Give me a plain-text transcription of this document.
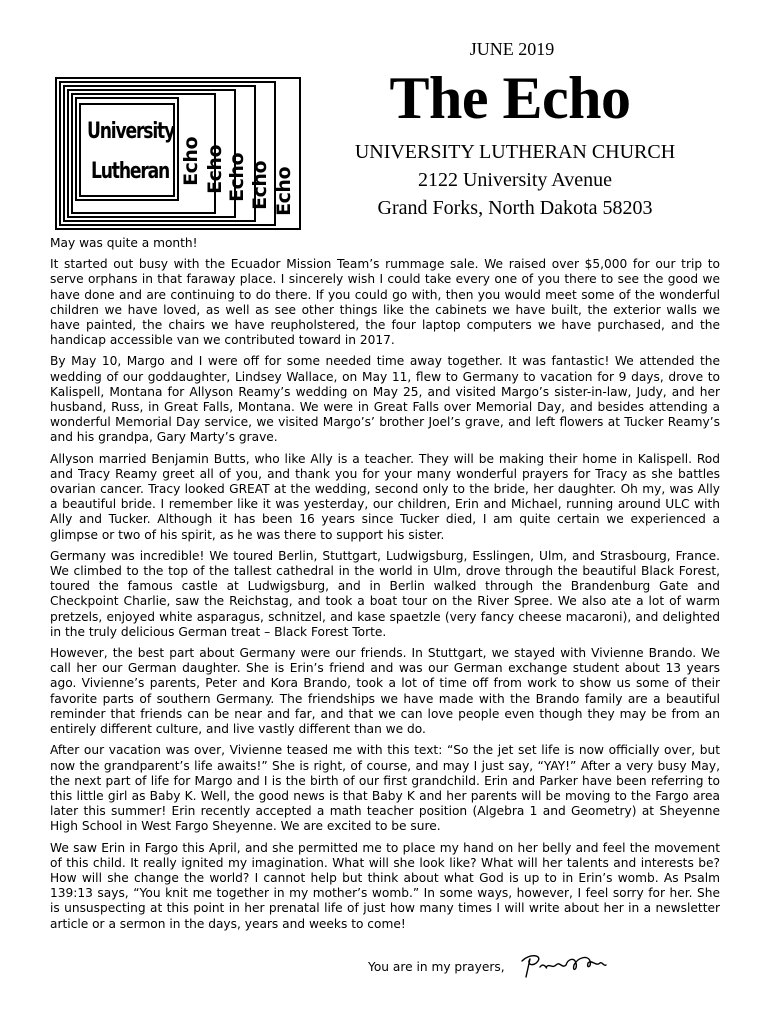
University
Lutheran Echo Echo Echo Echo Echo
JUNE 2019
The Echo
UNIVERSITY LUTHERAN CHURCH
2122 University Avenue
Grand Forks, North Dakota 58203

May was quite a month!

It started out busy with the Ecuador Mission Team’s rummage sale. We raised over $5,000 for our trip to serve orphans in that faraway place. I sincerely wish I could take every one of you there to see the good we have done and are continuing to do there. If you could go with, then you would meet some of the wonderful children we have loved, as well as see other things like the cabinets we have built, the exterior walls we have painted, the chairs we have reupholstered, the four laptop computers we have purchased, and the handicap accessible van we contributed toward in 2017.

By May 10, Margo and I were off for some needed time away together. It was fantastic! We attended the wedding of our goddaughter, Lindsey Wallace, on May 11, flew to Germany to vacation for 9 days, drove to Kalispell, Montana for Allyson Reamy’s wedding on May 25, and visited Margo’s sister-in-law, Judy, and her husband, Russ, in Great Falls, Montana. We were in Great Falls over Memorial Day, and besides attending a wonderful Memorial Day service, we visited Margo’s’ brother Joel’s grave, and left flowers at Tucker Reamy’s and his grandpa, Gary Marty’s grave.

Allyson married Benjamin Butts, who like Ally is a teacher. They will be making their home in Kalispell. Rod and Tracy Reamy greet all of you, and thank you for your many wonderful prayers for Tracy as she battles ovarian cancer. Tracy looked GREAT at the wedding, second only to the bride, her daughter. Oh my, was Ally a beautiful bride. I remember like it was yesterday, our children, Erin and Michael, running around ULC with Ally and Tucker. Although it has been 16 years since Tucker died, I am quite certain we experienced a glimpse or two of his spirit, as he was there to support his sister.

Germany was incredible! We toured Berlin, Stuttgart, Ludwigsburg, Esslingen, Ulm, and Strasbourg, France. We climbed to the top of the tallest cathedral in the world in Ulm, drove through the beautiful Black Forest, toured the famous castle at Ludwigsburg, and in Berlin walked through the Brandenburg Gate and Checkpoint Charlie, saw the Reichstag, and took a boat tour on the River Spree. We also ate a lot of warm pretzels, enjoyed white asparagus, schnitzel, and kase spaetzle (very fancy cheese macaroni), and delighted in the truly delicious German treat – Black Forest Torte.

However, the best part about Germany were our friends. In Stuttgart, we stayed with Vivienne Brando. We call her our German daughter. She is Erin’s friend and was our German exchange student about 13 years ago. Vivienne’s parents, Peter and Kora Brando, took a lot of time off from work to show us some of their favorite parts of southern Germany. The friendships we have made with the Brando family are a beautiful reminder that friends can be near and far, and that we can love people even though they may be from an entirely different culture, and live vastly different than we do.

After our vacation was over, Vivienne teased me with this text: “So the jet set life is now officially over, but now the grandparent’s life awaits!” She is right, of course, and may I just say, “YAY!” After a very busy May, the next part of life for Margo and I is the birth of our first grandchild. Erin and Parker have been referring to this little girl as Baby K. Well, the good news is that Baby K and her parents will be moving to the Fargo area later this summer! Erin recently accepted a math teacher position (Algebra 1 and Geometry) at Sheyenne High School in West Fargo Sheyenne. We are excited to be sure.

We saw Erin in Fargo this April, and she permitted me to place my hand on her belly and feel the movement of this child. It really ignited my imagination. What will she look like? What will her talents and interests be? How will she change the world? I cannot help but think about what God is up to in Erin’s womb. As Psalm 139:13 says, “You knit me together in my mother’s womb.” In some ways, however, I feel sorry for her. She is unsuspecting at this point in her prenatal life of just how many times I will write about her in a newsletter article or a sermon in the days, years and weeks to come!

You are in my prayers,
